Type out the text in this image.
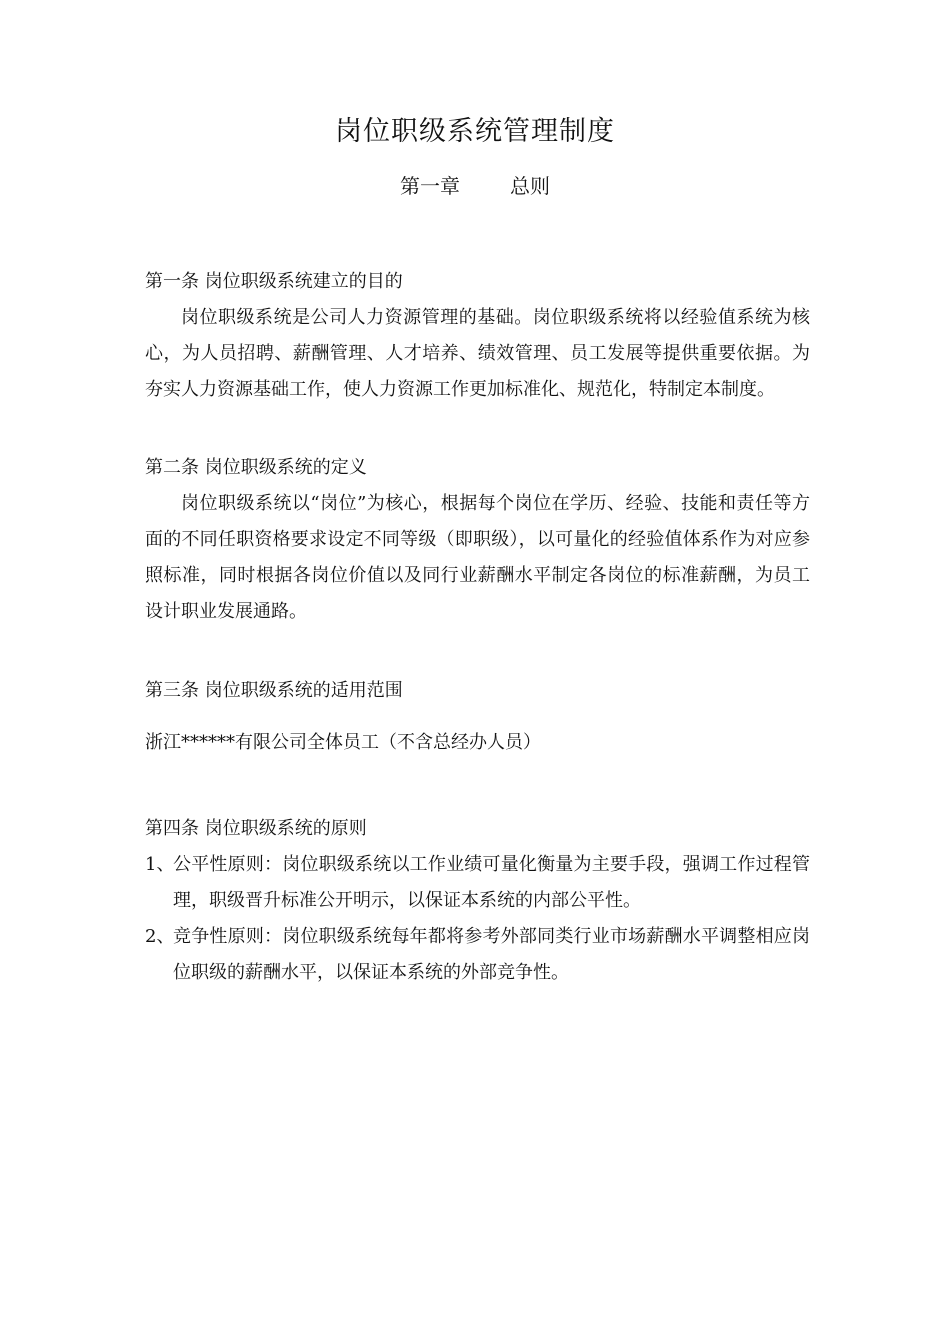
岗位职级系统管理制度
第一章	总则
第一条 岗位职级系统建立的目的

岗位职级系统是公司人力资源管理的基础。岗位职级系统将以经验值系统为核心，为人员招聘、薪酬管理、人才培养、绩效管理、员工发展等提供重要依据。为夯实人力资源基础工作，使人力资源工作更加标准化、规范化，特制定本制度。

第二条 岗位职级系统的定义

岗位职级系统以“岗位”为核心，根据每个岗位在学历、经验、技能和责任等方面的不同任职资格要求设定不同等级（即职级），以可量化的经验值体系作为对应参照标准，同时根据各岗位价值以及同行业薪酬水平制定各岗位的标准薪酬，为员工设计职业发展通路。

第三条 岗位职级系统的适用范围

浙江******有限公司全体员工（不含总经办人员）

第四条 岗位职级系统的原则
1、
公平性原则：岗位职级系统以工作业绩可量化衡量为主要手段，强调工作过程管理，职级晋升标准公开明示，以保证本系统的内部公平性。
2、
竞争性原则：岗位职级系统每年都将参考外部同类行业市场薪酬水平调整相应岗位职级的薪酬水平，以保证本系统的外部竞争性。
